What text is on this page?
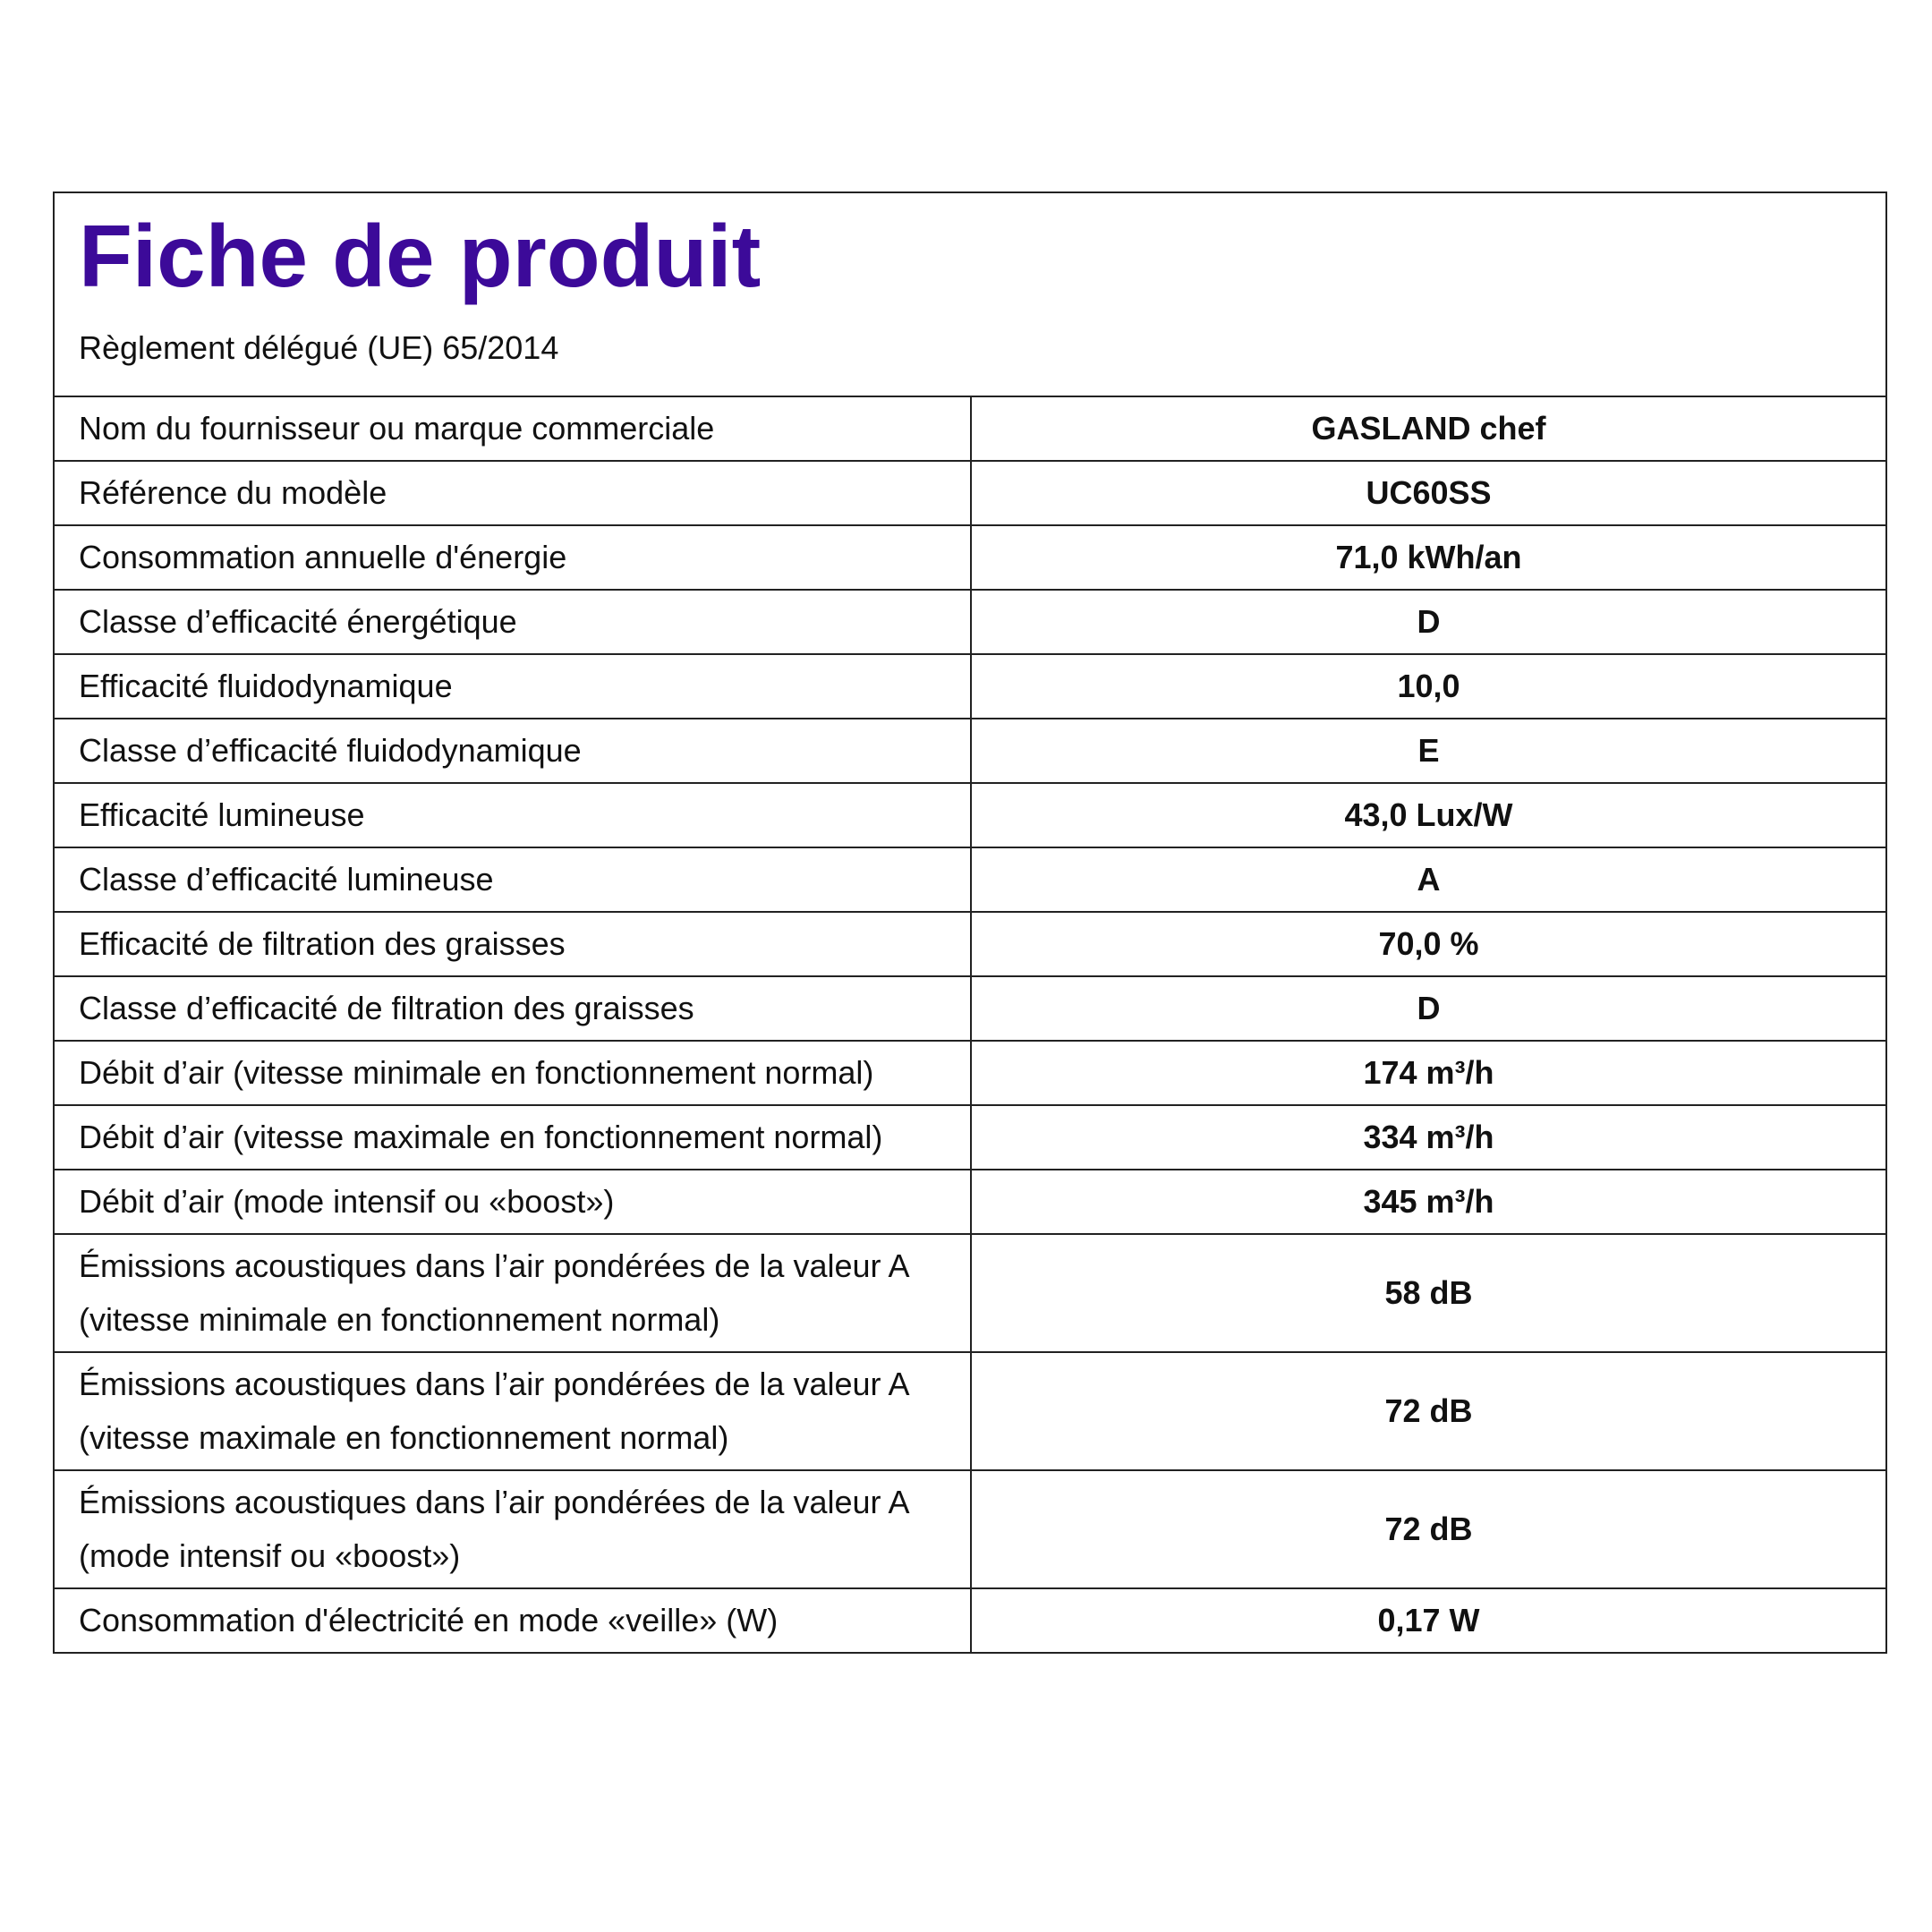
Fiche de produit
Règlement délégué (UE) 65/2014
Nom du fournisseur ou marque commerciale	GASLAND chef
Référence du modèle	UC60SS
Consommation annuelle d'énergie	71,0 kWh/an
Classe d’efficacité énergétique	D
Efficacité fluidodynamique	10,0
Classe d’efficacité fluidodynamique	E
Efficacité lumineuse	43,0 Lux/W
Classe d’efficacité lumineuse	A
Efficacité de filtration des graisses	70,0 %
Classe d’efficacité de filtration des graisses	D
Débit d’air (vitesse minimale en fonctionnement normal)	174 m³/h
Débit d’air (vitesse maximale en fonctionnement normal)	334 m³/h
Débit d’air (mode intensif ou «boost»)	345 m³/h
Émissions acoustiques dans l’air pondérées de la valeur A (vitesse minimale en fonctionnement normal)	58 dB
Émissions acoustiques dans l’air pondérées de la valeur A (vitesse maximale en fonctionnement normal)	72 dB
Émissions acoustiques dans l’air pondérées de la valeur A (mode intensif ou «boost»)	72 dB
Consommation d'électricité en mode «veille» (W)	0,17 W
